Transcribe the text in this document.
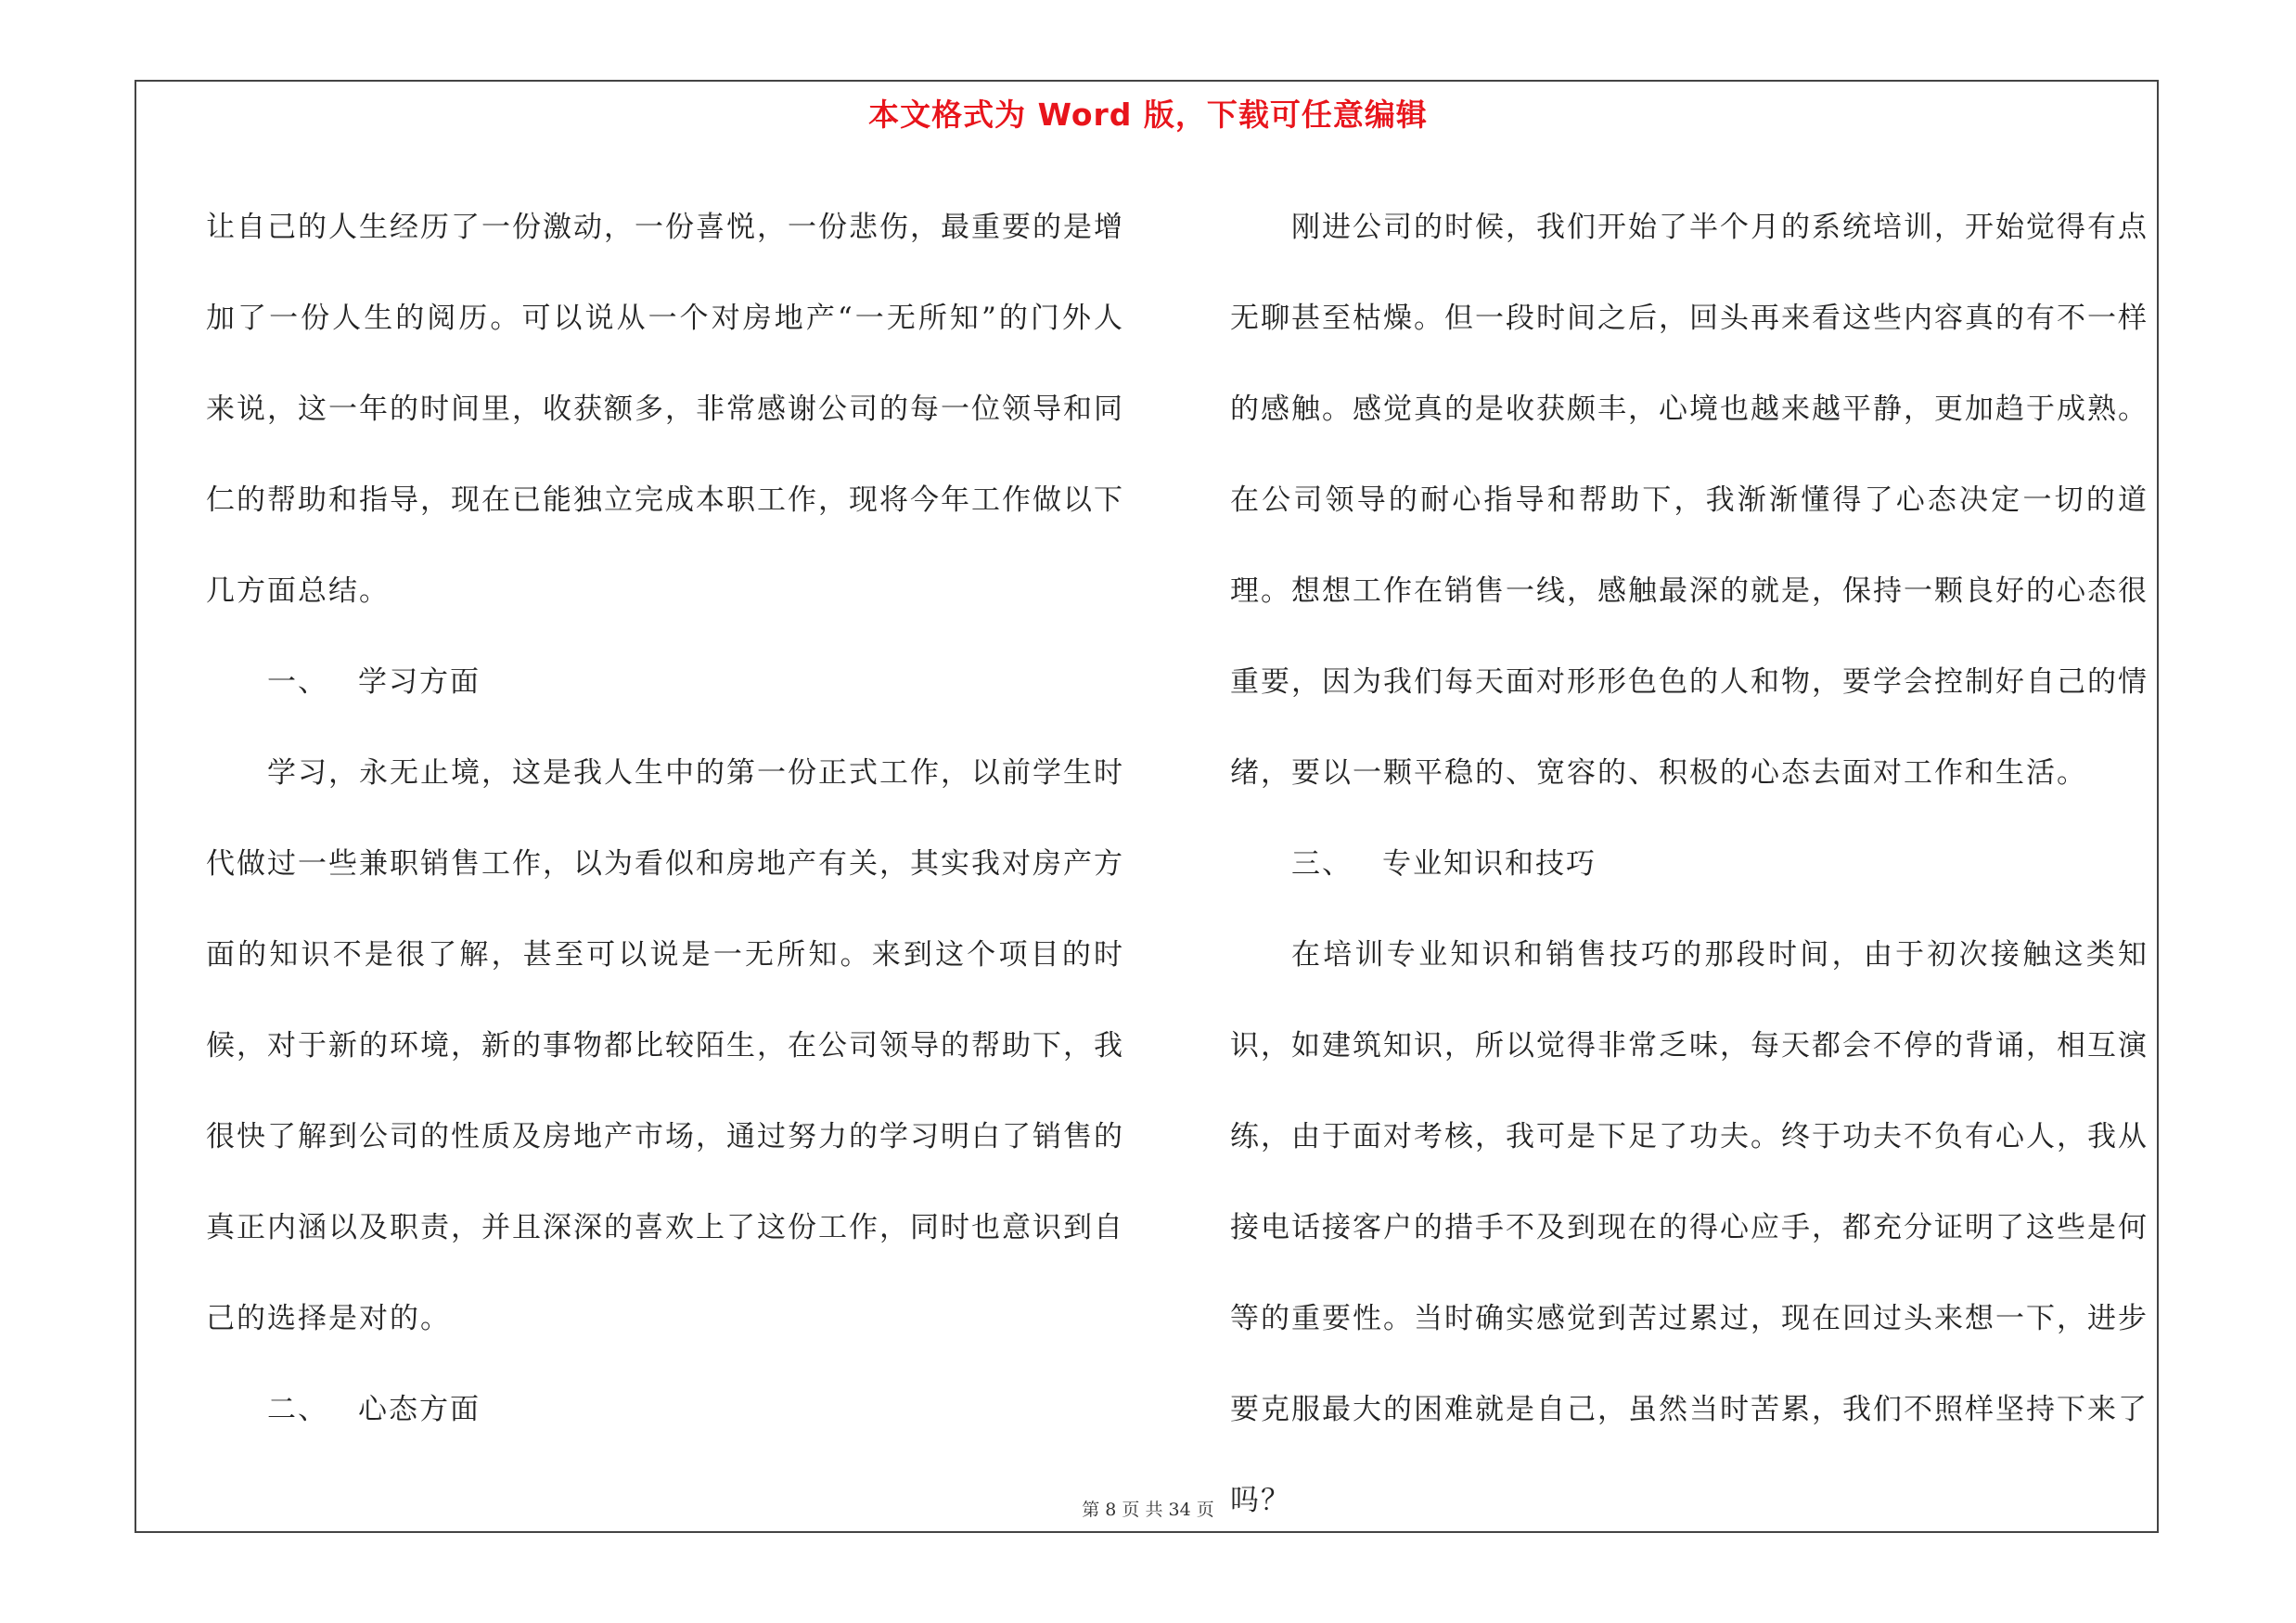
本文格式为 Word 版，下载可任意编辑

让自己的人生经历了一份激动，一份喜悦，一份悲伤，最重要的是增加了一份人生的阅历。可以说从一个对房地产“一无所知”的门外人来说，这一年的时间里，收获额多，非常感谢公司的每一位领导和同仁的帮助和指导，现在已能独立完成本职工作，现将今年工作做以下几方面总结。

一、 学习方面

学习，永无止境，这是我人生中的第一份正式工作，以前学生时代做过一些兼职销售工作，以为看似和房地产有关，其实我对房产方面的知识不是很了解，甚至可以说是一无所知。来到这个项目的时候，对于新的环境，新的事物都比较陌生，在公司领导的帮助下，我很快了解到公司的性质及房地产市场，通过努力的学习明白了销售的真正内涵以及职责，并且深深的喜欢上了这份工作，同时也意识到自己的选择是对的。

二、 心态方面

刚进公司的时候，我们开始了半个月的系统培训，开始觉得有点无聊甚至枯燥。但一段时间之后，回头再来看这些内容真的有不一样的感触。感觉真的是收获颇丰，心境也越来越平静，更加趋于成熟。在公司领导的耐心指导和帮助下，我渐渐懂得了心态决定一切的道理。想想工作在销售一线，感触最深的就是，保持一颗良好的心态很重要，因为我们每天面对形形色色的人和物，要学会控制好自己的情绪，要以一颗平稳的、宽容的、积极的心态去面对工作和生活。

三、 专业知识和技巧

在培训专业知识和销售技巧的那段时间，由于初次接触这类知识，如建筑知识，所以觉得非常乏味，每天都会不停的背诵，相互演练，由于面对考核，我可是下足了功夫。终于功夫不负有心人，我从接电话接客户的措手不及到现在的得心应手，都充分证明了这些是何等的重要性。当时确实感觉到苦过累过，现在回过头来想一下，进步要克服最大的困难就是自己，虽然当时苦累，我们不照样坚持下来了吗？

第 8 页 共 34 页
